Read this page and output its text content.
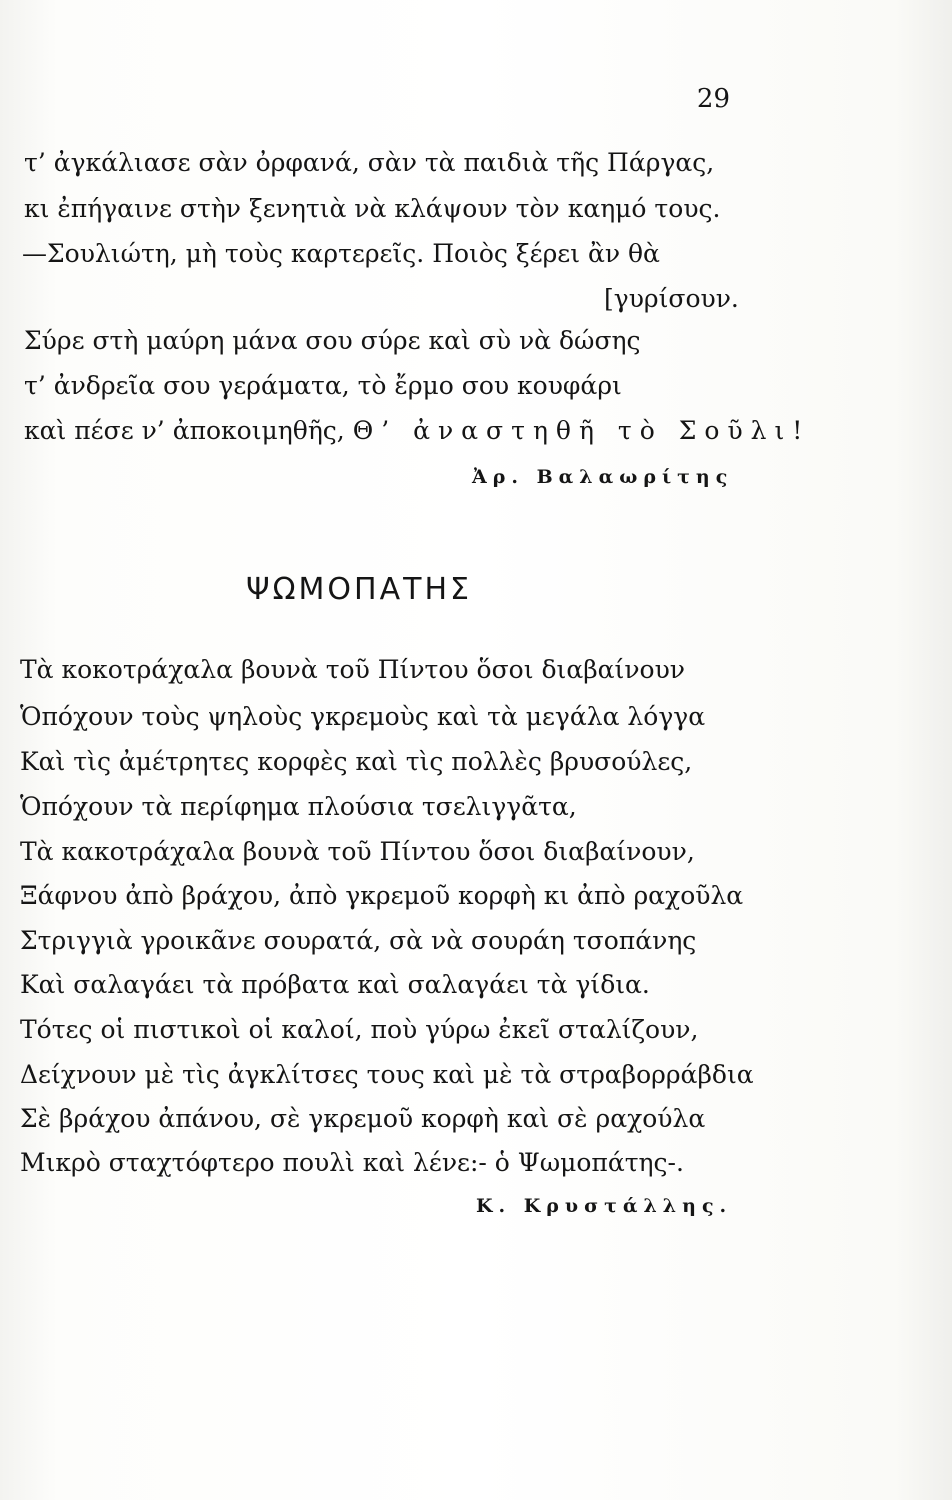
29
τ’ ἀγκάλιασε σὰν ὀρφανά, σὰν τὰ παιδιὰ τῆς Πάργας,
κι ἐπήγαινε στὴν ξενητιὰ νὰ κλάψουν τὸν καημό τους.
—Σουλιώτη, μὴ τοὺς καρτερεῖς. Ποιὸς ξέρει ἂν θὰ
[γυρίσουν.
Σύρε στὴ μαύρη μάνα σου σύρε καὶ σὺ νὰ δώσης
τ’ ἀνδρεῖα σου γεράματα, τὸ ἔρμο σου κουφάρι
καὶ πέσε ν’ ἀποκοιμηθῆς, Θ’ ἀναστηθῆ τὸ Σοῦλι!
Ἀρ. Βαλαωρίτης
ΨΩΜΟΠΑΤΗΣ
Τὰ κοκοτράχαλα βουνὰ τοῦ Πίντου ὅσοι διαβαίνουν
Ὁπόχουν τοὺς ψηλοὺς γκρεμοὺς καὶ τὰ μεγάλα λόγγα
Καὶ τὶς ἀμέτρητες κορφὲς καὶ τὶς πολλὲς βρυσούλες,
Ὁπόχουν τὰ περίφημα πλούσια τσελιγγᾶτα,
Τὰ κακοτράχαλα βουνὰ τοῦ Πίντου ὅσοι διαβαίνουν,
Ξάφνου ἀπὸ βράχου, ἀπὸ γκρεμοῦ κορφὴ κι ἀπὸ ραχοῦλα
Στριγγιὰ γροικᾶνε σουρατά, σὰ νὰ σουράη τσοπάνης
Καὶ σαλαγάει τὰ πρόβατα καὶ σαλαγάει τὰ γίδια.
Τότες οἱ πιστικοὶ οἱ καλοί, ποὺ γύρω ἐκεῖ σταλίζουν,
Δείχνουν μὲ τὶς ἀγκλίτσες τους καὶ μὲ τὰ στραβορράβδια
Σὲ βράχου ἀπάνου, σὲ γκρεμοῦ κορφὴ καὶ σὲ ραχούλα
Μικρὸ σταχτόφτερο πουλὶ καὶ λένε:- ὁ Ψωμοπάτης-.
Κ. Κρυστάλλης.
